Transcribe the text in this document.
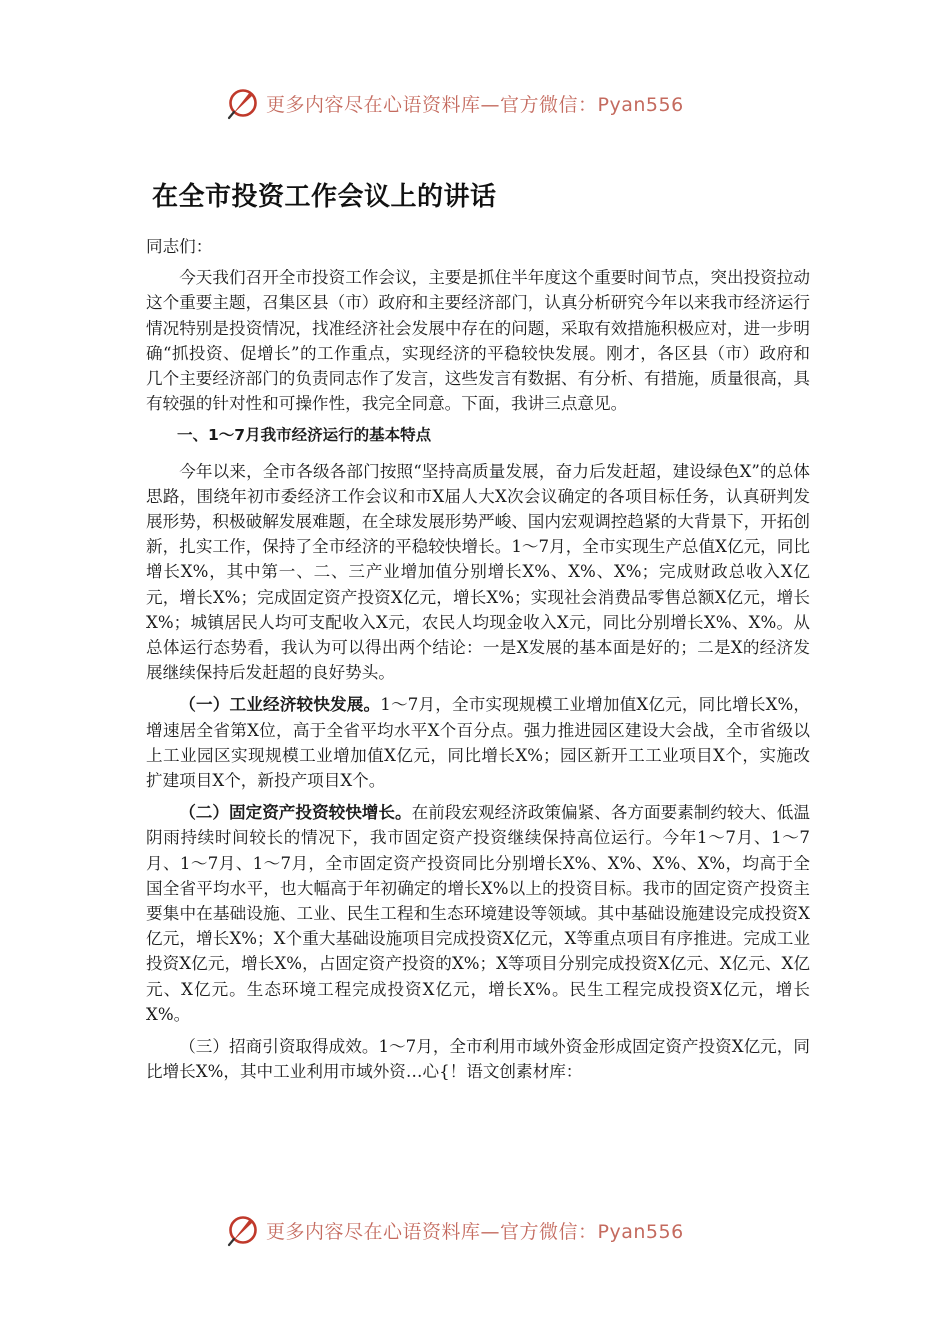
更多内容尽在心语资料库—官方微信：Pyan556
在全市投资工作会议上的讲话

同志们：

今天我们召开全市投资工作会议，主要是抓住半年度这个重要时间节点，突出投资拉动这个重要主题，召集区县（市）政府和主要经济部门，认真分析研究今年以来我市经济运行情况特别是投资情况，找准经济社会发展中存在的问题，采取有效措施积极应对，进一步明确“抓投资、促增长”的工作重点，实现经济的平稳较快发展。刚才，各区县（市）政府和几个主要经济部门的负责同志作了发言，这些发言有数据、有分析、有措施，质量很高，具有较强的针对性和可操作性，我完全同意。下面，我讲三点意见。

一、1～7月我市经济运行的基本特点

今年以来，全市各级各部门按照“坚持高质量发展，奋力后发赶超，建设绿色X”的总体思路，围绕年初市委经济工作会议和市X届人大X次会议确定的各项目标任务，认真研判发展形势，积极破解发展难题，在全球发展形势严峻、国内宏观调控趋紧的大背景下，开拓创新，扎实工作，保持了全市经济的平稳较快增长。1～7月，全市实现生产总值X亿元，同比增长X%，其中第一、二、三产业增加值分别增长X%、X%、X%；完成财政总收入X亿元，增长X%；完成固定资产投资X亿元，增长X%；实现社会消费品零售总额X亿元，增长X%；城镇居民人均可支配收入X元，农民人均现金收入X元，同比分别增长X%、X%。从总体运行态势看，我认为可以得出两个结论：一是X发展的基本面是好的；二是X的经济发展继续保持后发赶超的良好势头。

（一）工业经济较快发展。1～7月，全市实现规模工业增加值X亿元，同比增长X%，增速居全省第X位，高于全省平均水平X个百分点。强力推进园区建设大会战，全市省级以上工业园区实现规模工业增加值X亿元，同比增长X%；园区新开工工业项目X个，实施改扩建项目X个，新投产项目X个。

（二）固定资产投资较快增长。在前段宏观经济政策偏紧、各方面要素制约较大、低温阴雨持续时间较长的情况下，我市固定资产投资继续保持高位运行。今年1～7月、1～7月、1～7月、1～7月，全市固定资产投资同比分别增长X%、X%、X%、X%，均高于全国全省平均水平，也大幅高于年初确定的增长X%以上的投资目标。我市的固定资产投资主要集中在基础设施、工业、民生工程和生态环境建设等领域。其中基础设施建设完成投资X亿元，增长X%；X个重大基础设施项目完成投资X亿元，X等重点项目有序推进。完成工业投资X亿元，增长X%，占固定资产投资的X%；X等项目分别完成投资X亿元、X亿元、X亿元、X亿元。生态环境工程完成投资X亿元，增长X%。民生工程完成投资X亿元，增长X%。

（三）招商引资取得成效。1～7月，全市利用市域外资金形成固定资产投资X亿元，同比增长X%，其中工业利用市域外资…心{！语文创素材库：

更多内容尽在心语资料库—官方微信：Pyan556
